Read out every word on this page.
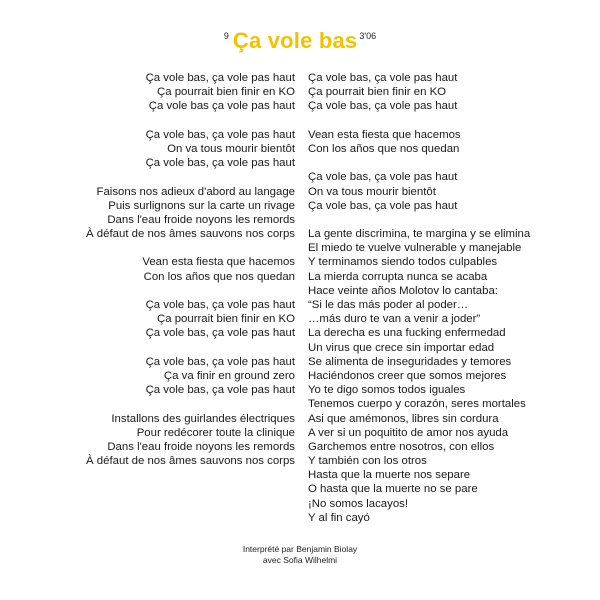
$^9$ Ça vole bas $^{3'06}$
Ça vole bas, ça vole pas haut
Ça pourrait bien finir en KO
Ça vole bas ça vole pas haut
Ça vole bas, ça vole pas haut
On va tous mourir bientôt
Ça vole bas, ça vole pas haut
Faisons nos adieux d'abord au langage
Puis surlignons sur la carte un rivage
Dans l'eau froide noyons les remords
À défaut de nos âmes sauvons nos corps
Vean esta fiesta que hacemos
Con los años que nos quedan
Ça vole bas, ça vole pas haut
Ça pourrait bien finir en KO
Ça vole bas, ça vole pas haut
Ça vole bas, ça vole pas haut
Ça va finir en ground zero
Ça vole bas, ça vole pas haut
Installons des guirlandes électriques
Pour redécorer toute la clinique
Dans l'eau froide noyons les remords
À défaut de nos âmes sauvons nos corps
Ça vole bas, ça vole pas haut
Ça pourrait bien finir en KO
Ça vole bas, ça vole pas haut
Vean esta fiesta que hacemos
Con los años que nos quedan
Ça vole bas, ça vole pas haut
On va tous mourir bientôt
Ça vole bas, ça vole pas haut
La gente discrimina, te margina y se elimina
El miedo te vuelve vulnerable y manejable
Y terminamos siendo todos culpables
La mierda corrupta nunca se acaba
Hace veinte años Molotov lo cantaba:
“Si le das más poder al poder…
…más duro te van a venir a joder”
La derecha es una fucking enfermedad
Un virus que crece sin importar edad
Se alimenta de inseguridades y temores
Haciéndonos creer que somos mejores
Yo te digo somos todos iguales
Tenemos cuerpo y corazón, seres mortales
Asi que amémonos, libres sin cordura
A ver si un poquitito de amor nos ayuda
Garchemos entre nosotros, con ellos
Y también con los otros
Hasta que la muerte nos separe
O hasta que la muerte no se pare
¡No somos lacayos!
Y al fin cayó
Interprété par Benjamin Biolay
avec Sofia Wilhelmi
